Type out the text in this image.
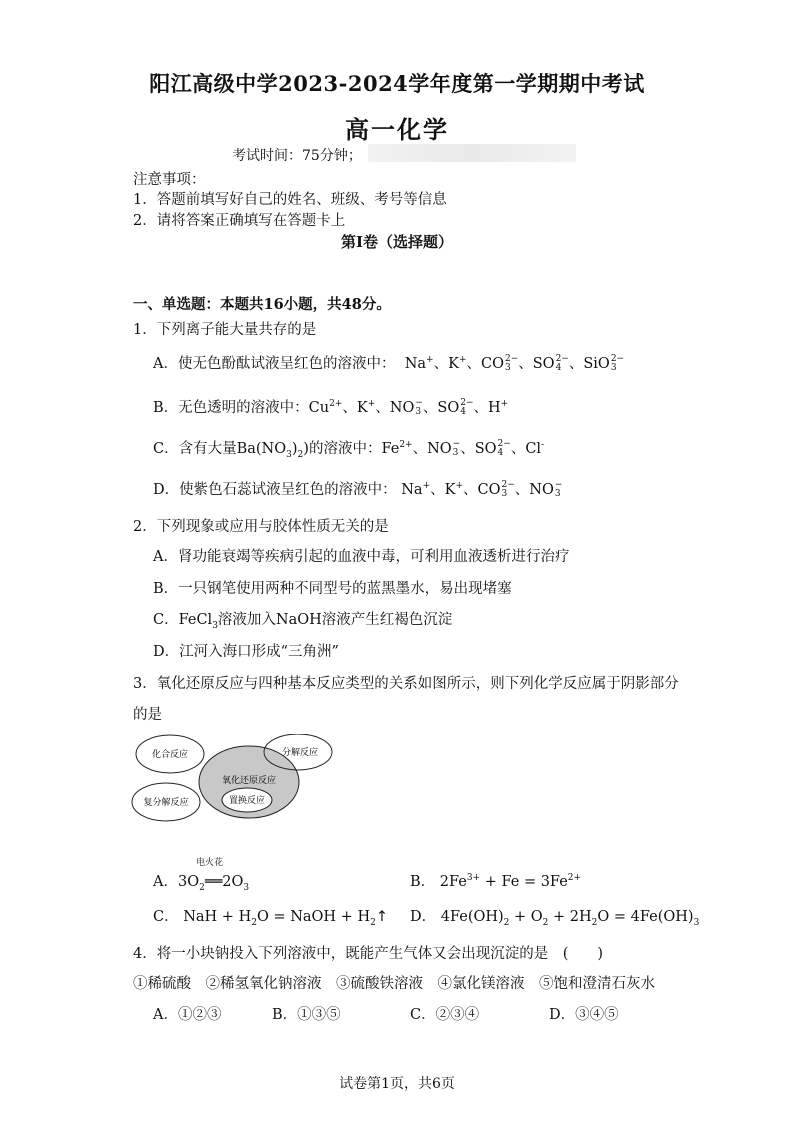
阳江高级中学2023-2024学年度第一学期期中考试
高一化学
考试时间：75分钟；
注意事项：
1．答题前填写好自己的姓名、班级、考号等信息
2．请将答案正确填写在答题卡上
第I卷（选择题）
一、单选题：本题共16小题，共48分。
1．下列离子能大量共存的是
A．使无色酚酞试液呈红色的溶液中：  Na+、K+、CO 2−
3 、SO 2−
4 、SiO 2−
3
B．无色透明的溶液中：$Cu^{2+}$、K+、NO −
3 、SO 2−
4 、H+
C．含有大量$Ba(NO_3)_2$)的溶液中：$Fe^{2+}$、NO −
3 、SO 2−
4 、Cl-
D．使紫色石蕊试液呈红色的溶液中： Na+、K+、CO 2−
3 、NO −
3
2．下列现象或应用与胶体性质无关的是
A．肾功能衰竭等疾病引起的血液中毒，可利用血液透析进行治疗
B．一只钢笔使用两种不同型号的蓝黑墨水，易出现堵塞
C．FeCl$_3$溶液加入NaOH溶液产生红褐色沉淀
D．江河入海口形成“三角洲”
3．氧化还原反应与四种基本反应类型的关系如图所示，则下列化学反应属于阴影部分
的是
化合反应	分解反应
氧化还原反应
置换反应
复分解反应
电火花
A．$3O_2══2O_3$	B． $2Fe^{3+} + Fe = 3Fe^{2+}$
C． NaH + $H_2O$ = NaOH + $H_2↑$ D． $4Fe(OH)_2 + O_2 + 2H_2O = 4Fe(OH)_3$
4．将一小块钠投入下列溶液中，既能产生气体又会出现沉淀的是　(　　)
①稀硫酸　②稀氢氧化钠溶液　③硫酸铁溶液　④氯化镁溶液　⑤饱和澄清石灰水
A．①②③	B．①③⑤	C．②③④	D．③④⑤
试卷第1页，共6页
